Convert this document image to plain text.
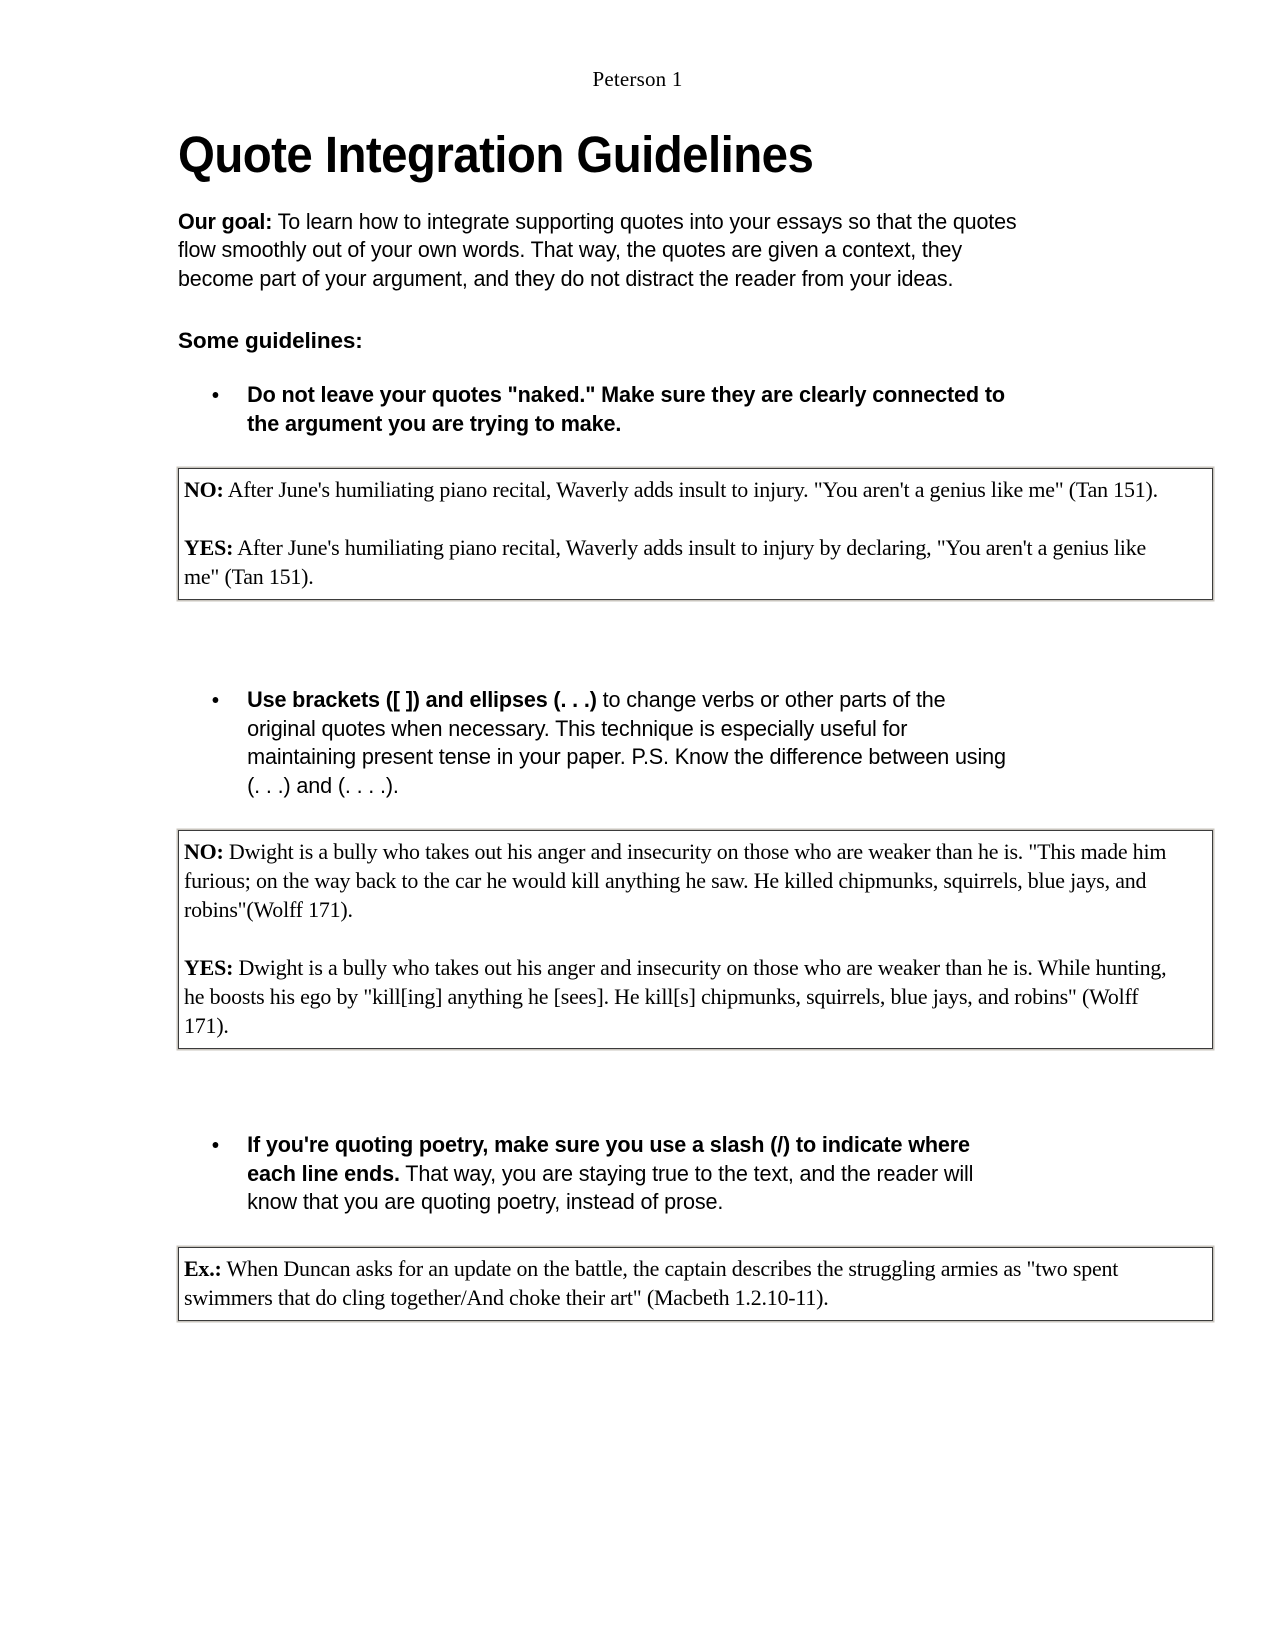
Peterson 1
Quote Integration Guidelines

Our goal: To learn how to integrate supporting quotes into your essays so that the quotes flow smoothly out of your own words. That way, the quotes are given a context, they become part of your argument, and they do not distract the reader from your ideas.

Some guidelines:

Do not leave your quotes "naked." Make sure they are clearly connected to the argument you are trying to make.

NO: After June's humiliating piano recital, Waverly adds insult to injury. "You aren't a genius like me" (Tan 151).

YES: After June's humiliating piano recital, Waverly adds insult to injury by declaring, "You aren't a genius like me" (Tan 151).

Use brackets ([ ]) and ellipses (. . .) to change verbs or other parts of the original quotes when necessary. This technique is especially useful for maintaining present tense in your paper. P.S. Know the difference between using (. . .) and (. . . .).

NO: Dwight is a bully who takes out his anger and insecurity on those who are weaker than he is. "This made him furious; on the way back to the car he would kill anything he saw. He killed chipmunks, squirrels, blue jays, and robins"(Wolff 171).

YES: Dwight is a bully who takes out his anger and insecurity on those who are weaker than he is. While hunting, he boosts his ego by "kill[ing] anything he [sees]. He kill[s] chipmunks, squirrels, blue jays, and robins" (Wolff 171).

If you're quoting poetry, make sure you use a slash (/) to indicate where each line ends. That way, you are staying true to the text, and the reader will know that you are quoting poetry, instead of prose.

Ex.: When Duncan asks for an update on the battle, the captain describes the struggling armies as "two spent swimmers that do cling together/And choke their art" (Macbeth 1.2.10-11).
